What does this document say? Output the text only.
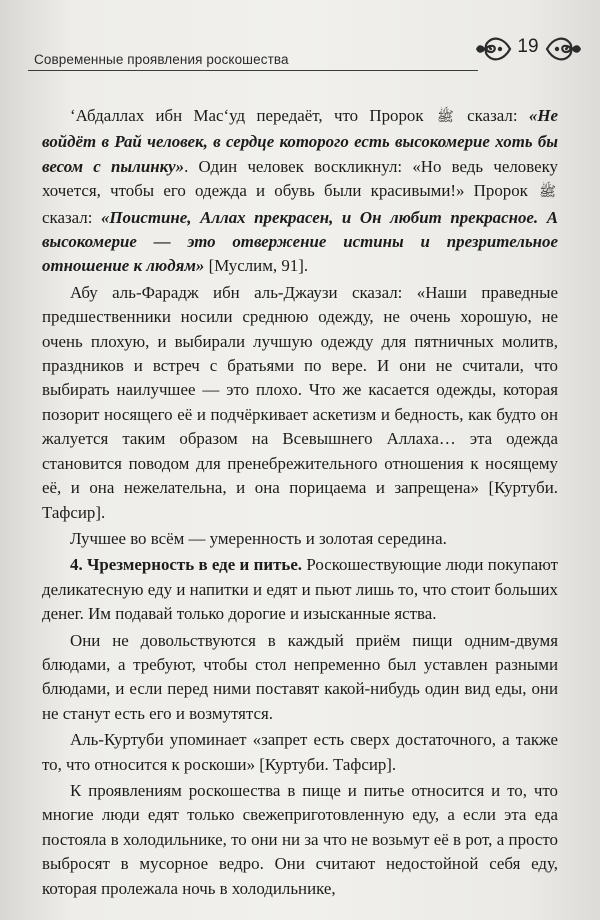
Современные проявления роскошества
19

ʻАбдаллах ибн Масʻуд передаёт, что Пророк ﷺ сказал: «Не войдёт в Рай человек, в сердце которого есть высокомерие хоть бы весом с пылинку». Один человек воскликнул: «Но ведь человеку хочется, чтобы его одежда и обувь были красивыми!» Пророк ﷺ сказал: «Поистине, Аллах прекрасен, и Он любит прекрасное. А высокомерие — это отвержение истины и презрительное отношение к людям» [Муслим, 91].

Абу аль-Фарадж ибн аль-Джаузи сказал: «Наши праведные предшественники носили среднюю одежду, не очень хорошую, не очень плохую, и выбирали лучшую одежду для пятничных молитв, праздников и встреч с братьями по вере. И они не считали, что выбирать наилучшее — это плохо. Что же касается одежды, которая позорит носящего её и подчёркивает аскетизм и бедность, как будто он жалуется таким образом на Всевышнего Аллаха… эта одежда становится поводом для пренебрежительного отношения к носящему её, и она нежелательна, и она порицаема и запрещена» [Куртуби. Тафсир].

Лучшее во всём — умеренность и золотая середина.

4. Чрезмерность в еде и питье. Роскошествующие люди покупают деликатесную еду и напитки и едят и пьют лишь то, что стоит больших денег. Им подавай только дорогие и изысканные яства.

Они не довольствуются в каждый приём пищи одним-двумя блюдами, а требуют, чтобы стол непременно был уставлен разными блюдами, и если перед ними поставят какой-нибудь один вид еды, они не станут есть его и возмутятся.

Аль-Куртуби упоминает «запрет есть сверх достаточного, а также то, что относится к роскоши» [Куртуби. Тафсир].

К проявлениям роскошества в пище и питье относится и то, что многие люди едят только свежеприготовленную еду, а если эта еда постояла в холодильнике, то они ни за что не возьмут её в рот, а просто выбросят в мусорное ведро. Они считают недостойной себя еду, которая пролежала ночь в холодильнике,
